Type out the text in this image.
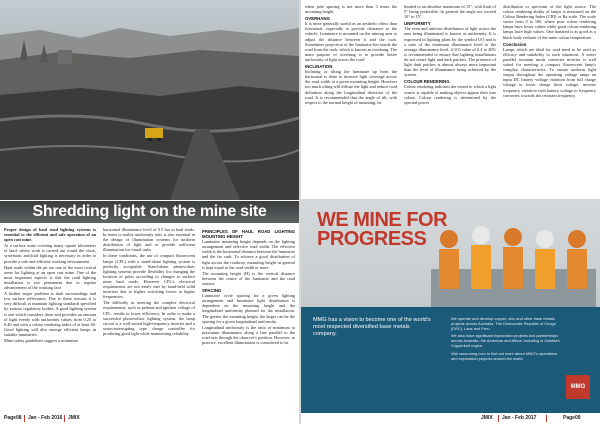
Shredding light on the mine site

Proper design of haul road lighting systems is essential to the efficient and safe operation of an open cast mine.

At a surface mine covering many square kilometers of land, where work is carried out round the clock, systematic artificial lighting is necessary in order to provide a safe and efficient working environment.

Haul roads within the pit are one of the most critical areas for lighting at an open cast mine. One of the most important aspects is that the road lighting installation is not permanent due to regular advancement of the working face.

A further major problem is dark surroundings and low surface reflectance. Due to these reasons it is very difficult to maintain lighting standards specified by various regulatory bodies. A good lighting system is one which considers these and provides an amount of light evenly with uniformity values from 0.25 to 0.40 and with a colour rendering index of at least 60. Good lighting will also emerge efficient lamps in suitable luminaries.

Mine safety guidelines suggest a minimum

horizontal illuminance level of 0.5 lux in haul roads. In terms to reality uniformity ratio is also essential in the design of illumination systems for uniform distribution of light and to provide sufficient illumination for visual tasks.

In these conditions, the use of compact fluorescent lamps (CFL) with a stand-alone lighting system is perfectly acceptable. Stand-alone photovoltaic lighting systems provide flexibility for changing the location of poles according to changes to surface mine haul roads. However CFL's electrical requirements are not easily met by hand-held solid inverters due to higher switching losses at higher frequencies.

The difficulty in meeting the complex electrical requirements, such as preheat and ignition voltage of CFL, results in lower efficiency. In order to make a successful photovoltaic lighting system, the lamp circuit is a well-suited high-frequency inverter and a series-interrupting type charge controller for producing good light while maintaining reliability.

PRINCIPLES OF HAUL ROAD LIGHTING MOUNTING HEIGHT

Luminaire mounting height depends on the lighting arrangement and effective road width. The effective width is the horizontal distance between the luminaire and the far curb. To achieve a good distribution of light across the roadway, mounting height in general is kept equal to the road width or more.

The mounting height (H) is the vertical distance between the centre of the luminaire and the road surface.

SPACING

Luminaire cycle spacing for a given lighting arrangement and luminaire light distribution is dependent on the mounting height and the longitudinal uniformity planned for the installation. The greater the mounting height, the larger can be the spacing for a given longitudinal uniformity.

Longitudinal uniformity is the ratio of minimum to maximum illuminance along a line parallel to the road axis through the observer's position. However, in practice, excellent illumination is considered to be

Page08 Jan - Feb 2016 JMIX

when pole spacing is not more than 3 times the mounting height.

OVERHANG

It is more generally useful as an aesthetic effect than functional, especially to provide clearance to the vehicle. Luminaire is mounted on the mining area to adjust the distance between it and the curb. Sometimes projection of the luminaire lies inside the road from the curb, which is known as overhang. The main purpose of overhang is to provide better uniformity of light across the road.

INCLINATION

Inclining or tilting the luminaire up from the horizontal is done to increase light coverage across the road width at a given mounting height. However too much tilting will diffuse the light and reduce road definition along the longitudinal direction of the road. It is recommended that the angle of tilt, with respect to the normal height of mounting, be

limited to an absolute maximum of 15°, with limit of 5° being preferable. In general the angle not exceed 10° to 15°.

UNIFORMITY

The even and uniform distribution of light across the area being illuminated is known as uniformity. It is expressed in lighting plans by the symbol UO and is a ratio of the minimum illuminance level to the average illuminance level. A UO value of 0.4 to 40% is recommended to ensure that lighting installations do not create light and dark patches. The presence of light dark patches is almost always more important than the level of illuminance being achieved by the system.

COLOUR RENDERING

Colour rendering indicates the extent to which a light source is capable of making objects appear their true colour. Colour rendering is determined by the spectral power

distribution or spectrum of the light source. The colour rendering ability of lamps is measured on the Colour Rendering Index (CRI) or Ra scale. The scale varies from 0 to 100, where poor colour rendering lamps have lower values while good colour rendering lamps have high values. One hundred is as good as a black body radiator of the same colour temperature.

Conclusion

Lamps which are ideal for road need to be used as efficacy and suitability to such situations. A series parallel resonant mode converter inverter is well suited for meeting a compact fluorescent lamp's complex characteristics. To ensure uniform light output throughout the operating voltage range an input DC battery voltage variation from full charge voltage to lower charge limit voltage, inverter frequency variation with battery voltage to frequency converter, towards the resonant frequency.

WE MINE FOR
PROGRESS
MMG has a vision to become one of the world's most respected diversified base metals company.

We operate and develop copper, zinc and other base metals projects across Australia, The Democratic Republic of Congo (DRC), Laos and Peru.

We also have significant exploration projects and partnerships across Australia, the Americas and Africa, including in Zambia's Copperbelt region.

Visit www.mmg.com to find out more about MMG's operations and exploration projects around the world.

MMG
JMIX Jan - Feb 2017	Page09
